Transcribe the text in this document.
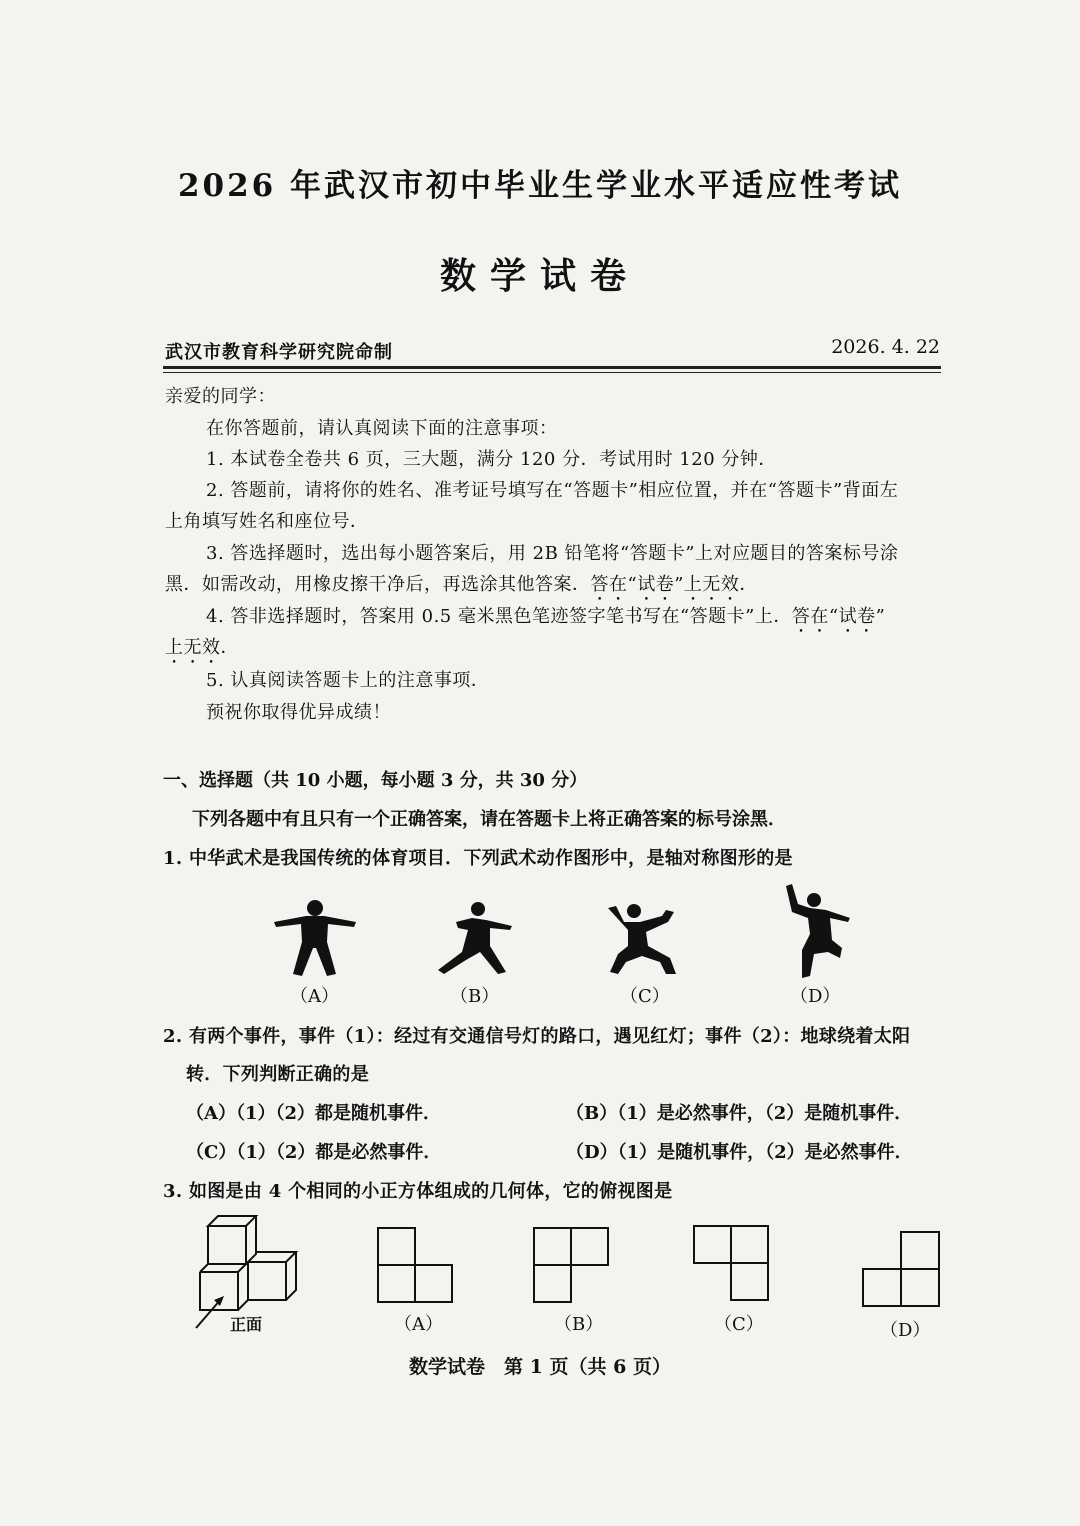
2026 年武汉市初中毕业生学业水平适应性考试
数学试卷
武汉市教育科学研究院命制	2026. 4. 22
亲爱的同学：
在你答题前，请认真阅读下面的注意事项：
1. 本试卷全卷共 6 页，三大题，满分 120 分．考试用时 120 分钟．
2. 答题前，请将你的姓名、准考证号填写在“答题卡”相应位置，并在“答题卡”背面左
上角填写姓名和座位号．
3. 答选择题时，选出每小题答案后，用 2B 铅笔将“答题卡”上对应题目的答案标号涂
黑．如需改动，用橡皮擦干净后，再选涂其他答案．答在“试卷”上无效．
4. 答非选择题时，答案用 0.5 毫米黑色笔迹签字笔书写在“答题卡”上．答在“试卷”
上无效．
5. 认真阅读答题卡上的注意事项．
预祝你取得优异成绩！
一、选择题（共 10 小题，每小题 3 分，共 30 分）
下列各题中有且只有一个正确答案，请在答题卡上将正确答案的标号涂黑．
1. 中华武术是我国传统的体育项目．下列武术动作图形中，是轴对称图形的是
（A）	（B）	（C）	（D）
2. 有两个事件，事件（1）：经过有交通信号灯的路口，遇见红灯；事件（2）：地球绕着太阳
转．下列判断正确的是
（A）（1）（2）都是随机事件．	（B）（1）是必然事件，（2）是随机事件．
（C）（1）（2）都是必然事件．	（D）（1）是随机事件，（2）是必然事件．
3. 如图是由 4 个相同的小正方体组成的几何体，它的俯视图是
正面	（A）	（B）	（C）	（D）
数学试卷　第 1 页（共 6 页）
